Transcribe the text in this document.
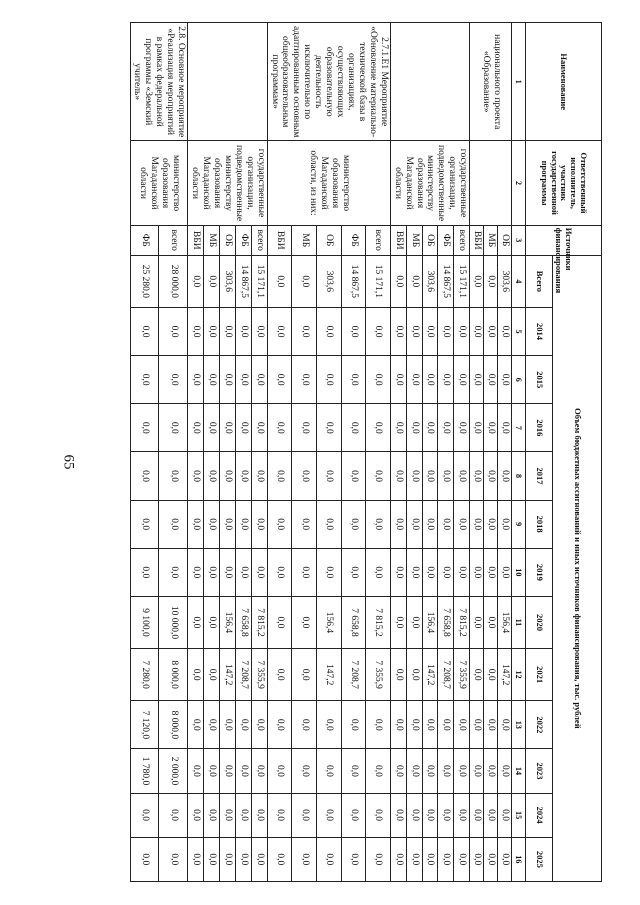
65
Наименование	Ответственный исполнитель, участник государственной программы	Источники финансирования	Объем бюджетных ассигнований и иных источников финансирования, тыс. рублей												
			Всего	2014	2015	2016	2017	2018	2019	2020	2021	2022	2023	2024	2025
1	2	3	4	5	6	7	8	9	10	11	12	13	14	15	16
национального проекта «Образование»		ОБ	303,6	0,0	0,0	0,0	0,0	0,0	0,0	156,4	147,2	0,0	0,0	0,0	0,0
		МБ	0,0	0,0	0,0	0,0	0,0	0,0	0,0	0,0	0,0	0,0	0,0	0,0	0,0
		ВБИ	0,0	0,0	0,0	0,0	0,0	0,0	0,0	0,0	0,0	0,0	0,0	0,0	0,0
	государственные организации, подведомственные министерству образования Магаданской области	всего	15 171,1	0,0	0,0	0,0	0,0	0,0	0,0	7 815,2	7 355,9	0,0	0,0	0,0	0,0
		ФБ	14 867,5	0,0	0,0	0,0	0,0	0,0	0,0	7 658,8	7 208,7	0,0	0,0	0,0	0,0
		ОБ	303,6	0,0	0,0	0,0	0,0	0,0	0,0	156,4	147,2	0,0	0,0	0,0	0,0
		МБ	0,0	0,0	0,0	0,0	0,0	0,0	0,0	0,0	0,0	0,0	0,0	0,0	0,0
		ВБИ	0,0	0,0	0,0	0,0	0,0	0,0	0,0	0,0	0,0	0,0	0,0	0,0	0,0
2.7.1.Е1 Мероприятие «Обновление материально-технической базы в организациях, осуществляющих образовательную деятельность исключительно по адаптированным основным общеобразовательным программам»	министерство образования Магаданской области, из них:	всего	15 171,1	0,0	0,0	0,0	0,0	0,0	0,0	7 815,2	7 355,9	0,0	0,0	0,0	0,0
		ФБ	14 867,5	0,0	0,0	0,0	0,0	0,0	0,0	7 658,8	7 208,7	0,0	0,0	0,0	0,0
		ОБ	303,6	0,0	0,0	0,0	0,0	0,0	0,0	156,4	147,2	0,0	0,0	0,0	0,0
		МБ	0,0	0,0	0,0	0,0	0,0	0,0	0,0	0,0	0,0	0,0	0,0	0,0	0,0
		ВБИ	0,0	0,0	0,0	0,0	0,0	0,0	0,0	0,0	0,0	0,0	0,0	0,0	0,0
	государственные организации, подведомственные министерству образования Магаданской области	всего	15 171,1	0,0	0,0	0,0	0,0	0,0	0,0	7 815,2	7 355,9	0,0	0,0	0,0	0,0
		ФБ	14 867,5	0,0	0,0	0,0	0,0	0,0	0,0	7 658,8	7 208,7	0,0	0,0	0,0	0,0
		ОБ	303,6	0,0	0,0	0,0	0,0	0,0	0,0	156,4	147,2	0,0	0,0	0,0	0,0
		МБ	0,0	0,0	0,0	0,0	0,0	0,0	0,0	0,0	0,0	0,0	0,0	0,0	0,0
		ВБИ	0,0	0,0	0,0	0,0	0,0	0,0	0,0	0,0	0,0	0,0	0,0	0,0	0,0
2.8. Основное мероприятие «Реализация мероприятий в рамках федеральной программы «Земский учитель»	министерство образования Магаданской области	всего	28 000,0	0,0	0,0	0,0	0,0	0,0	0,0	10 000,0	8 000,0	8 000,0	2 000,0	0,0	0,0
		ФБ	25 280,0	0,0	0,0	0,0	0,0	0,0	0,0	9 100,0	7 280,0	7 120,0	1 780,0	0,0	0,0
